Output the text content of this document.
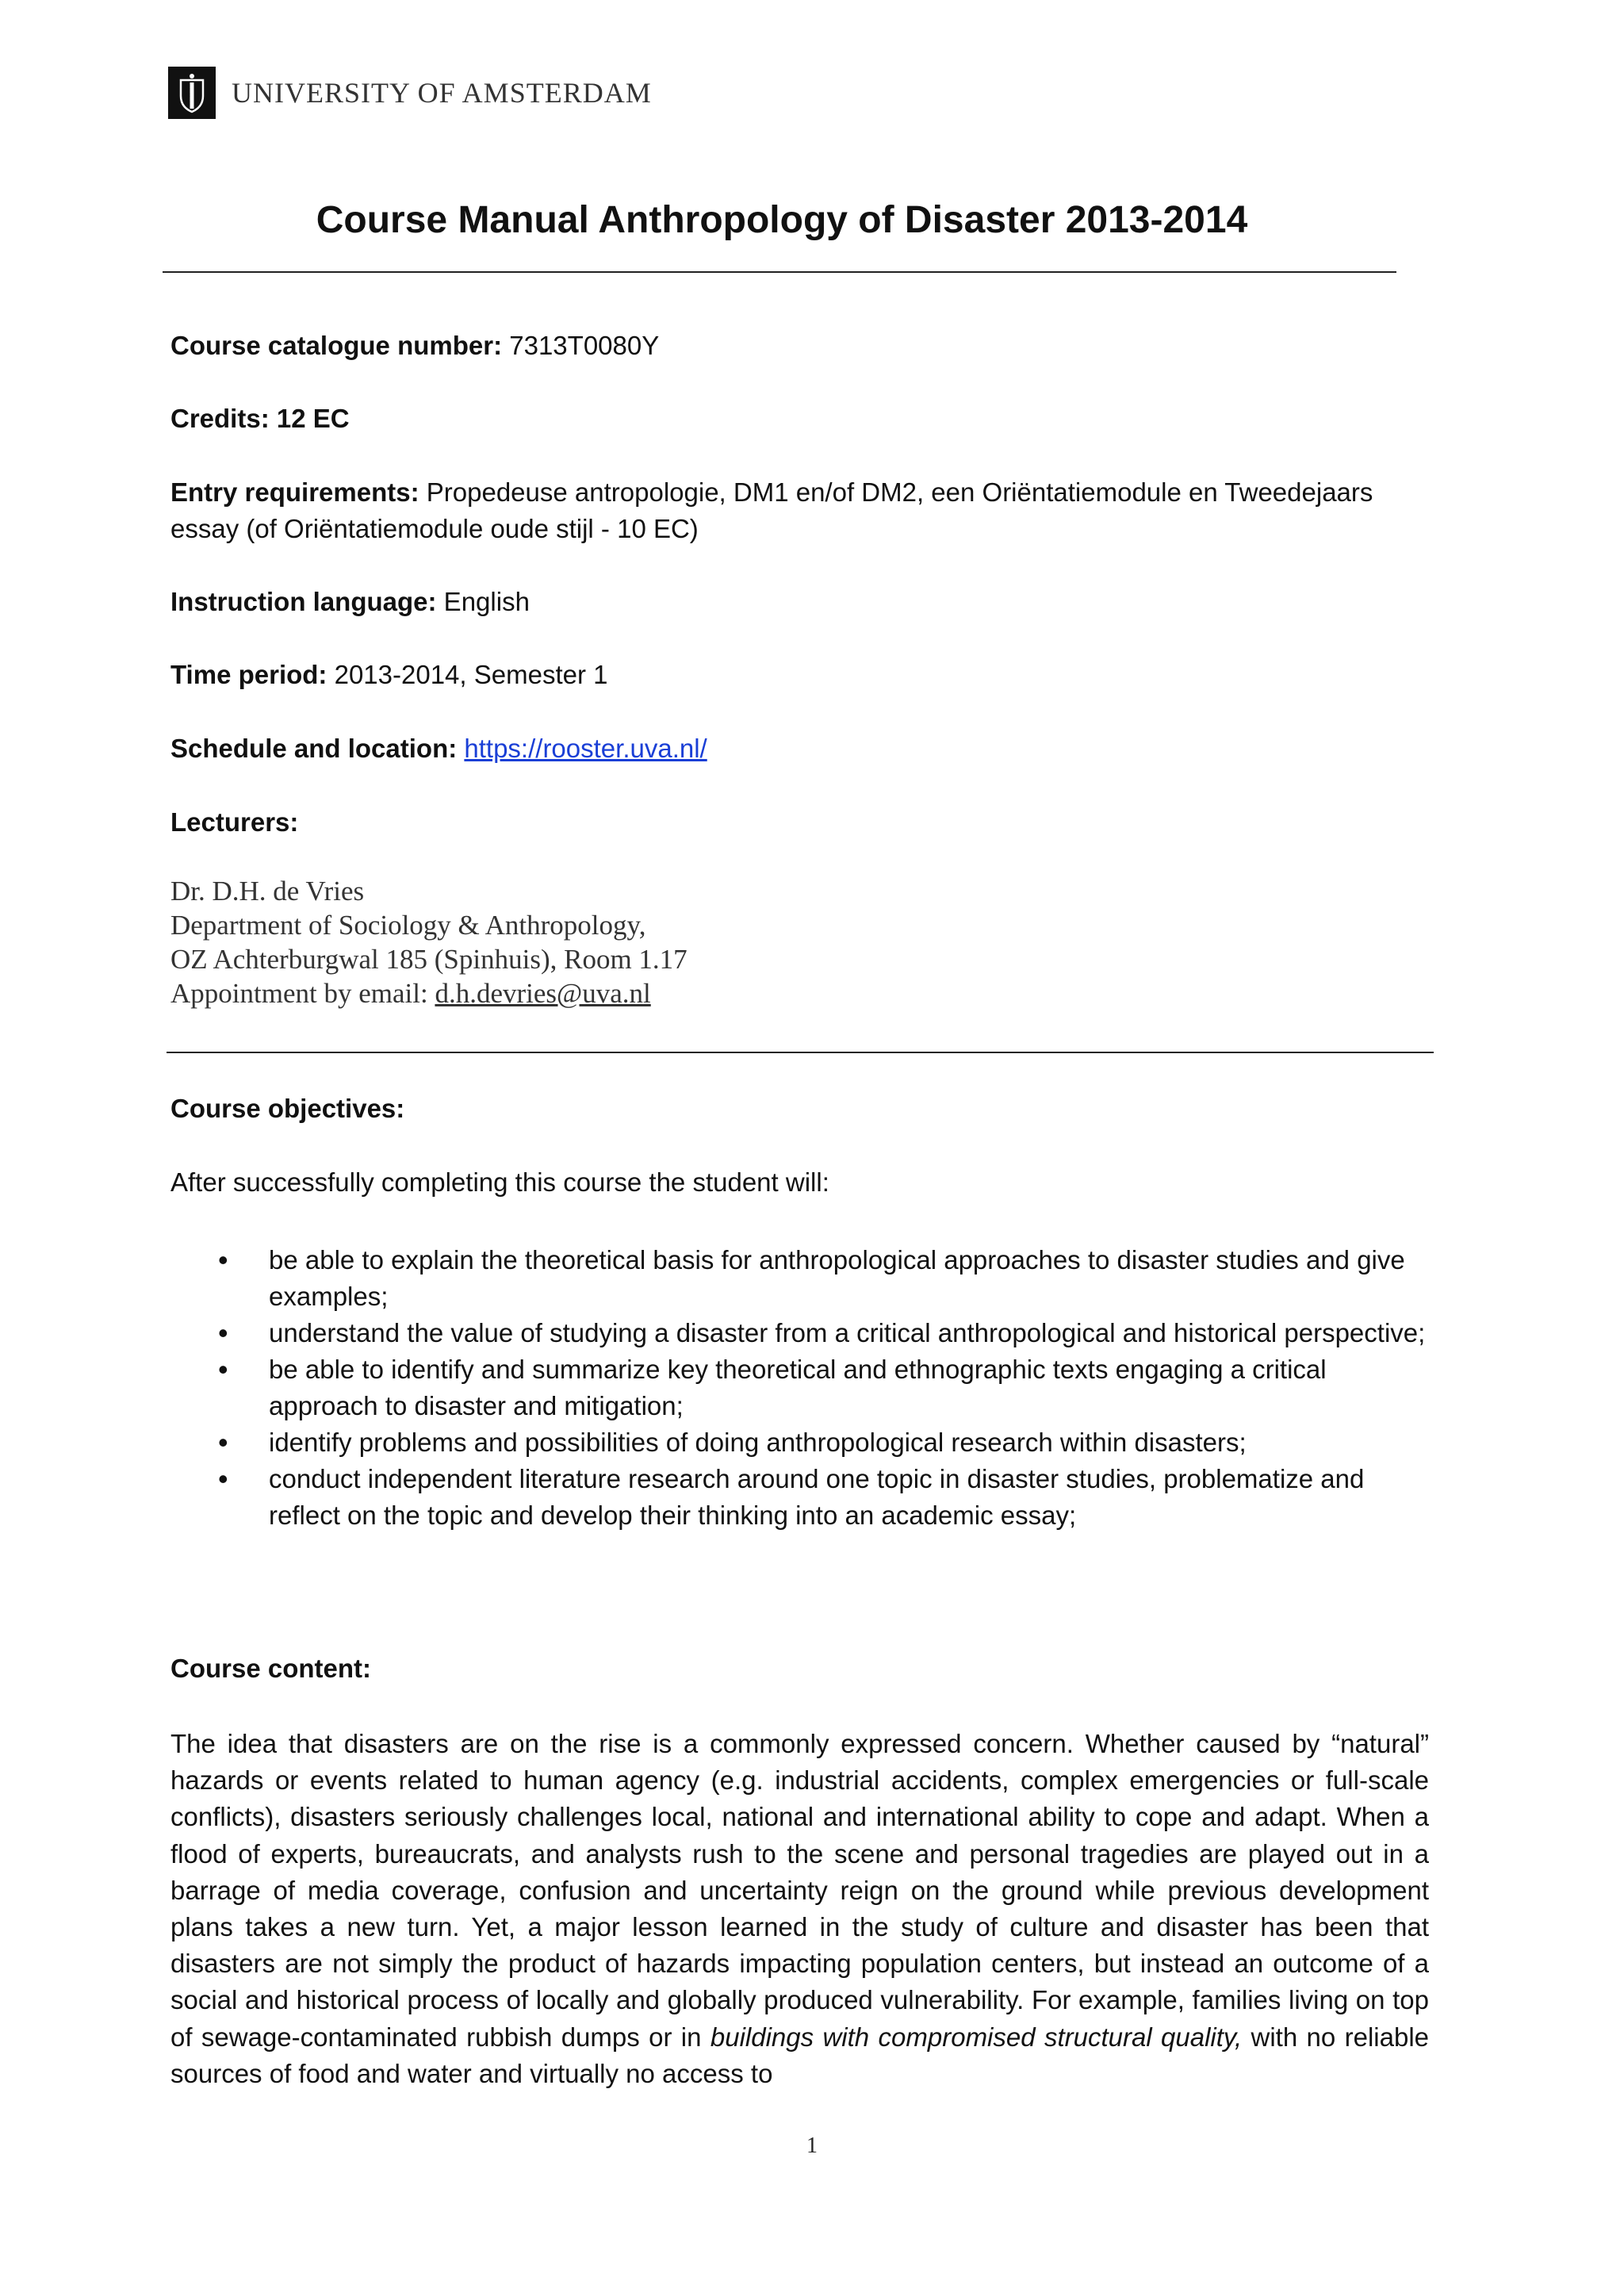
UNIVERSITY OF AMSTERDAM
Course Manual Anthropology of Disaster 2013-2014

Course catalogue number: 7313T0080Y

Credits: 12 EC

Entry requirements: Propedeuse antropologie, DM1 en/of DM2, een Oriëntatiemodule en Tweedejaars essay (of Oriëntatiemodule oude stijl - 10 EC)

Instruction language: English

Time period: 2013-2014, Semester 1

Schedule and location: https://rooster.uva.nl/

Lecturers:

Dr. D.H. de Vries
Department of Sociology & Anthropology,
OZ Achterburgwal 185 (Spinhuis), Room 1.17
Appointment by email: d.h.devries@uva.nl

Course objectives:

After successfully completing this course the student will:

• be able to explain the theoretical basis for anthropological approaches to disaster studies and give examples;
• understand the value of studying a disaster from a critical anthropological and historical perspective;
• be able to identify and summarize key theoretical and ethnographic texts engaging a critical approach to disaster and mitigation;
• identify problems and possibilities of doing anthropological research within disasters;
• conduct independent literature research around one topic in disaster studies, problematize and reflect on the topic and develop their thinking into an academic essay;

Course content:

The idea that disasters are on the rise is a commonly expressed concern. Whether caused by “natural” hazards or events related to human agency (e.g. industrial accidents, complex emergencies or full-scale conflicts), disasters seriously challenges local, national and international ability to cope and adapt. When a flood of experts, bureaucrats, and analysts rush to the scene and personal tragedies are played out in a barrage of media coverage, confusion and uncertainty reign on the ground while previous development plans takes a new turn. Yet, a major lesson learned in the study of culture and disaster has been that disasters are not simply the product of hazards impacting population centers, but instead an outcome of a social and historical process of locally and globally produced vulnerability. For example, families living on top of sewage-contaminated rubbish dumps or in buildings with compromised structural quality, with no reliable sources of food and water and virtually no access to

1
